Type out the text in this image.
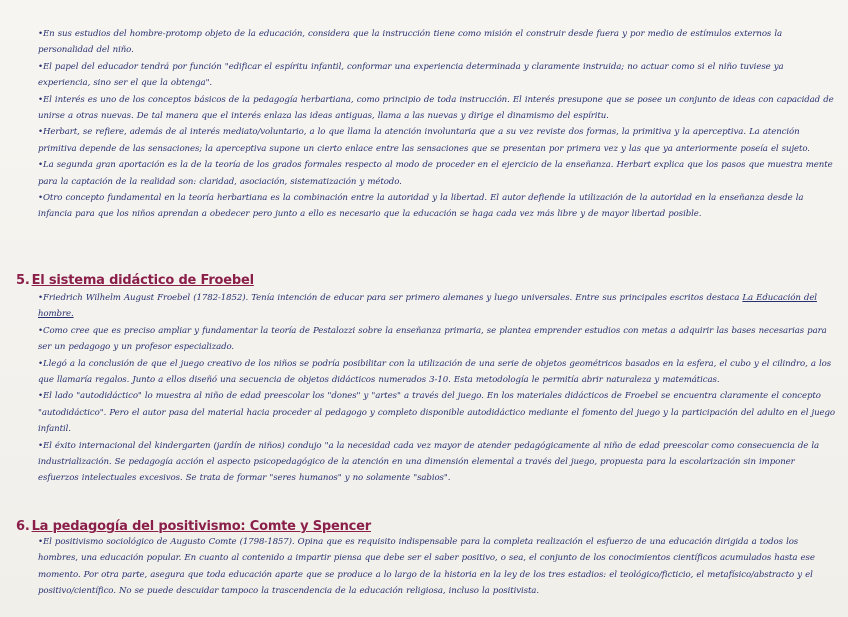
•En sus estudios del hombre-protomp objeto de la educación, considera que la instrucción tiene como misión el construir desde fuera y por medio de estímulos externos la personalidad del niño.

•El papel del educador tendrá por función "edificar el espíritu infantil, conformar una experiencia determinada y claramente instruida; no actuar como si el niño tuviese ya experiencia, sino ser el que la obtenga".

•El interés es uno de los conceptos básicos de la pedagogía herbartiana, como principio de toda instrucción. El interés presupone que se posee un conjunto de ideas con capacidad de unirse a otras nuevas. De tal manera que el interés enlaza las ideas antiguas, llama a las nuevas y dirige el dinamismo del espíritu.

•Herbart, se refiere, además de al interés mediato/voluntario, a lo que llama la atención involuntaria que a su vez reviste dos formas, la primitiva y la aperceptiva. La atención primitiva depende de las sensaciones; la aperceptiva supone un cierto enlace entre las sensaciones que se presentan por primera vez y las que ya anteriormente poseía el sujeto.

•La segunda gran aportación es la de la teoría de los grados formales respecto al modo de proceder en el ejercicio de la enseñanza. Herbart explica que los pasos que muestra mente para la captación de la realidad son: claridad, asociación, sistematización y método.

•Otro concepto fundamental en la teoría herbartiana es la combinación entre la autoridad y la libertad. El autor defiende la utilización de la autoridad en la enseñanza desde la infancia para que los niños aprendan a obedecer pero junto a ello es necesario que la educación se haga cada vez más libre y de mayor libertad posible.

5. El sistema didáctico de Froebel

•Friedrich Wilhelm August Froebel (1782-1852). Tenía intención de educar para ser primero alemanes y luego universales. Entre sus principales escritos destaca La Educación del hombre.

•Como cree que es preciso ampliar y fundamentar la teoría de Pestalozzi sobre la enseñanza primaria, se plantea emprender estudios con metas a adquirir las bases necesarias para ser un pedagogo y un profesor especializado.

•Llegó a la conclusión de que el juego creativo de los niños se podría posibilitar con la utilización de una serie de objetos geométricos basados en la esfera, el cubo y el cilindro, a los que llamaría regalos. Junto a ellos diseñó una secuencia de objetos didácticos numerados 3-10. Esta metodología le permitía abrir naturaleza y matemáticas.

•El lado "autodidáctico" lo muestra al niño de edad preescolar los "dones" y "artes" a través del juego. En los materiales didácticos de Froebel se encuentra claramente el concepto "autodidáctico". Pero el autor pasa del material hacia proceder al pedagogo y completo disponible autodidáctico mediante el fomento del juego y la participación del adulto en el juego infantil.

•El éxito internacional del kindergarten (jardín de niños) condujo "a la necesidad cada vez mayor de atender pedagógicamente al niño de edad preescolar como consecuencia de la industrialización. Se pedagogía acción el aspecto psicopedagógico de la atención en una dimensión elemental a través del juego, propuesta para la escolarización sin imponer esfuerzos intelectuales excesivos. Se trata de formar "seres humanos" y no solamente "sabios".

6. La pedagogía del positivismo: Comte y Spencer

•El positivismo sociológico de Augusto Comte (1798-1857). Opina que es requisito indispensable para la completa realización el esfuerzo de una educación dirigida a todos los hombres, una educación popular. En cuanto al contenido a impartir piensa que debe ser el saber positivo, o sea, el conjunto de los conocimientos científicos acumulados hasta ese momento. Por otra parte, asegura que toda educación aparte que se produce a lo largo de la historia en la ley de los tres estadios: el teológico/ficticio, el metafísico/abstracto y el positivo/científico. No se puede descuidar tampoco la trascendencia de la educación religiosa, incluso la positivista.
